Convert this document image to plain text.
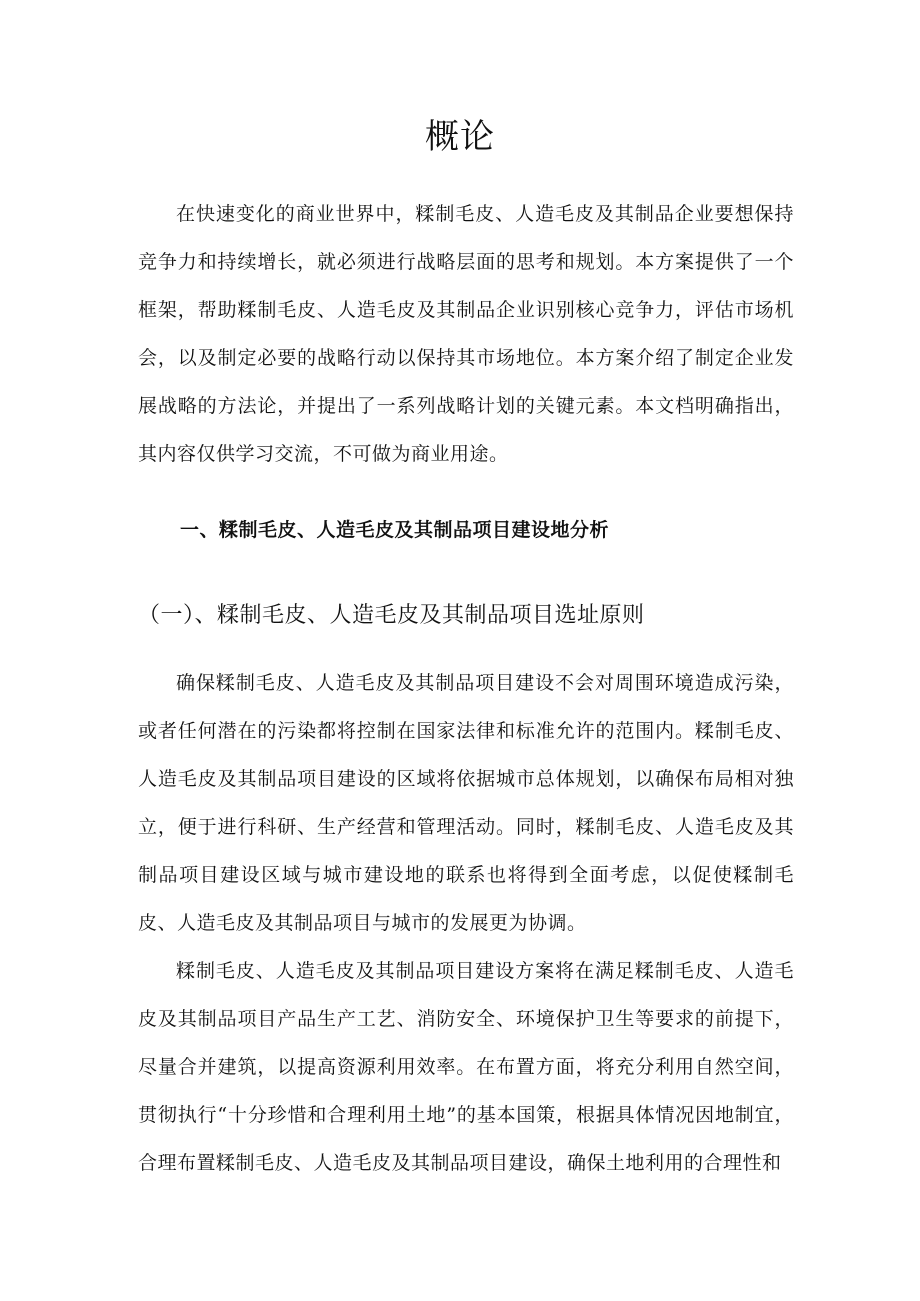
概论

在快速变化的商业世界中，糅制毛皮、人造毛皮及其制品企业要想保持竞争力和持续增长，就必须进行战略层面的思考和规划。本方案提供了一个框架，帮助糅制毛皮、人造毛皮及其制品企业识别核心竞争力，评估市场机会，以及制定必要的战略行动以保持其市场地位。本方案介绍了制定企业发展战略的方法论，并提出了一系列战略计划的关键元素。本文档明确指出，其内容仅供学习交流，不可做为商业用途。

一、糅制毛皮、人造毛皮及其制品项目建设地分析
（一）、糅制毛皮、人造毛皮及其制品项目选址原则

确保糅制毛皮、人造毛皮及其制品项目建设不会对周围环境造成污染，或者任何潜在的污染都将控制在国家法律和标准允许的范围内。糅制毛皮、人造毛皮及其制品项目建设的区域将依据城市总体规划，以确保布局相对独立，便于进行科研、生产经营和管理活动。同时，糅制毛皮、人造毛皮及其制品项目建设区域与城市建设地的联系也将得到全面考虑，以促使糅制毛皮、人造毛皮及其制品项目与城市的发展更为协调。

糅制毛皮、人造毛皮及其制品项目建设方案将在满足糅制毛皮、人造毛皮及其制品项目产品生产工艺、消防安全、环境保护卫生等要求的前提下，尽量合并建筑，以提高资源利用效率。在布置方面，将充分利用自然空间，贯彻执行“十分珍惜和合理利用土地”的基本国策，根据具体情况因地制宜，合理布置糅制毛皮、人造毛皮及其制品项目建设，确保土地利用的合理性和
